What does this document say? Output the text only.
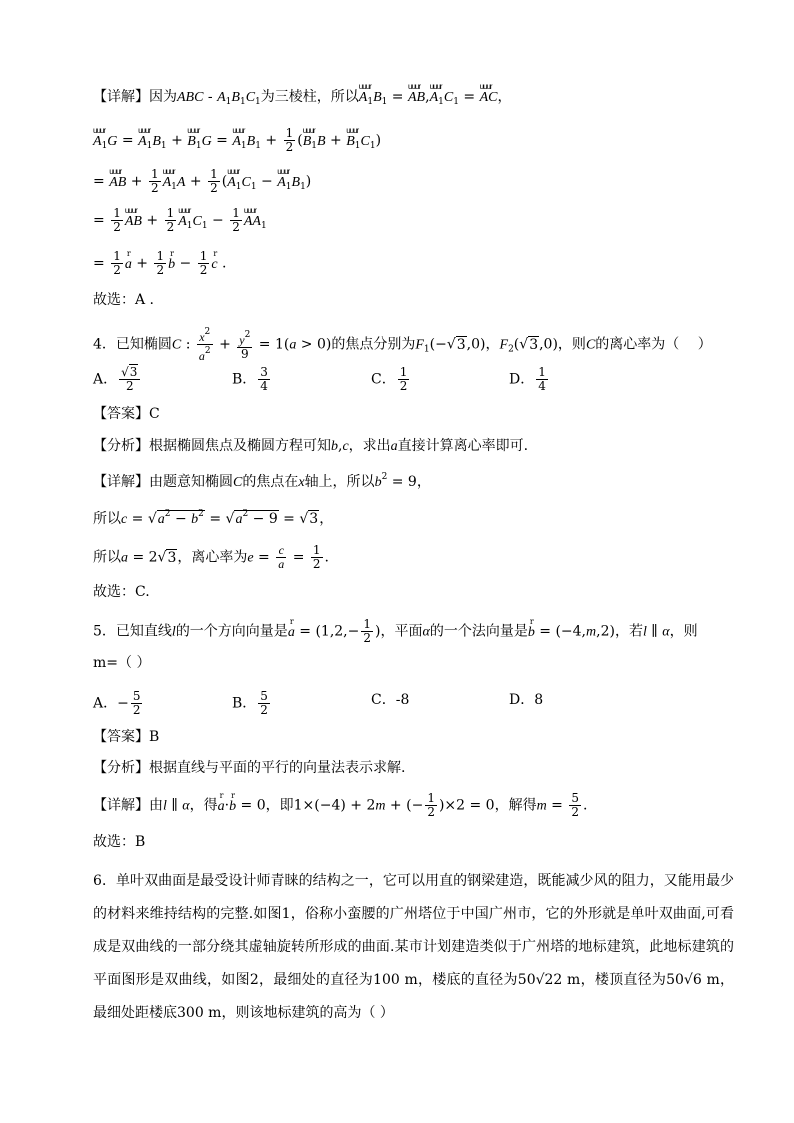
【详解】因为ABC - $A_1B_1C_1$为三棱柱，所以uuur $A_1B_1$ = uuur AB,uuur $A_1C_1$ = uuur AC，
uuur $A_1G$ = uuur $A_1B_1$ + uuur $B_1G$ = uuur $A_1B_1 + \frac{1}{2}$ (uuur $B_1B$ + uuur $B_1C_1$)
= uuur AB + $\frac{1}{2}$ uuur $A_1A + \frac{1}{2}$ (uuur $A_1C_1$ − uuur $A_1B_1$)
= $\frac{1}{2}$ uuur AB + $\frac{1}{2}$ uuur $A_1C_1 - \frac{1}{2}$ uuur $AA_1$
= $\frac{1}{2}$ r $a + \frac{1}{2}$ r $b - \frac{1}{2}$ r c .
故选：A .
4．已知椭圆C : $\frac{x^2}{a^2} + \frac{y^2}{9} = 1(a > 0)$的焦点分别为$F_1(-√3,0)$，$F_2(√3,0)$，则C的离心率为（　 ）
A． $\frac{√3}{2}$	B． $\frac{3}{4}$	C． $\frac{1}{2}$	D． $\frac{1}{4}$
【答案】C
【分析】根据椭圆焦点及椭圆方程可知b,c，求出a直接计算离心率即可.
【详解】由题意知椭圆C的焦点在x轴上，所以$b^2 = 9$，
所以$c = √a^2 - b^2 = √a^2 - 9 = √3$，
所以a = 2√3，离心率为$e = \frac{c}{a} = \frac{1}{2}$ .
故选：C.
5．已知直线l的一个方向向量是r $a = (1,2,- \frac{1}{2}$ )，平面α的一个法向量是r b = (−4,m,2)，若l ∥ α，则
m=（ ）
A．− $\frac{5}{2}$	B． $\frac{5}{2}$	C．-8	D．8
【答案】B
【分析】根据直线与平面的平行的向量法表示求解.
【详解】由l ∥ α，得r a·r b = 0，即1×(−4) + 2m + (− $\frac{1}{2} )\times 2 = 0$，解得$m = \frac{5}{2}$ .
故选：B
6．单叶双曲面是最受设计师青睐的结构之一，它可以用直的钢梁建造，既能减少风的阻力，又能用最少的材料来维持结构的完整.如图1，俗称小蛮腰的广州塔位于中国广州市，它的外形就是单叶双曲面,可看成是双曲线的一部分绕其虚轴旋转所形成的曲面.某市计划建造类似于广州塔的地标建筑，此地标建筑的平面图形是双曲线，如图2，最细处的直径为100 m，楼底的直径为50√22 m，楼顶直径为50√6 m，最细处距楼底300 m，则该地标建筑的高为（ ）
